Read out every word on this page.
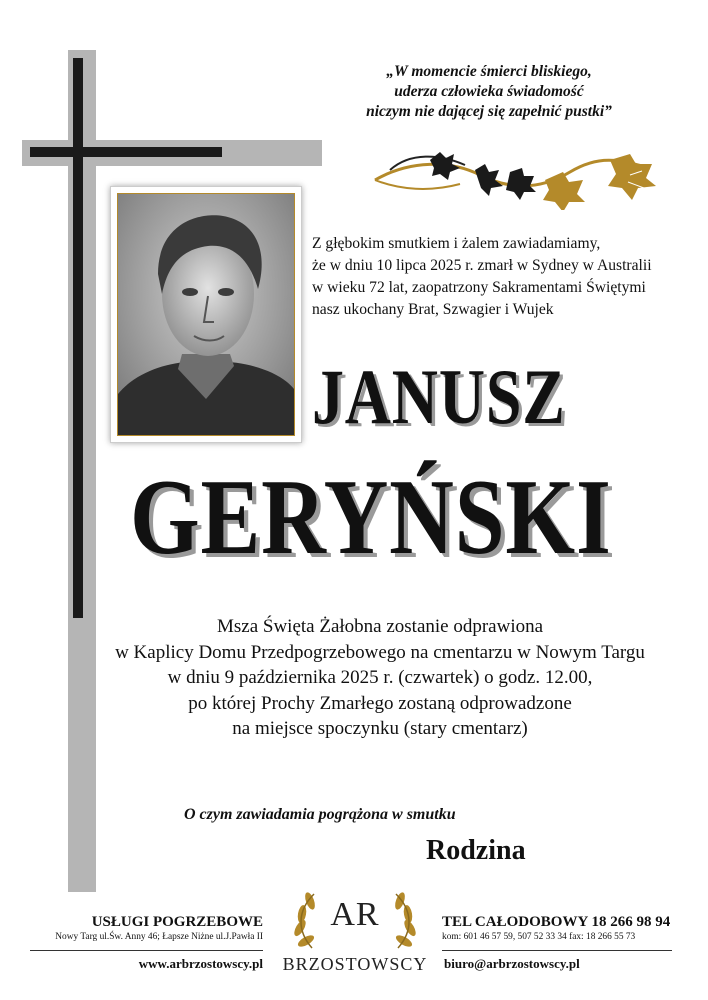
„W momencie śmierci bliskiego,
uderza człowieka świadomość
niczym nie dającej się zapełnić pustki”
Z głębokim smutkiem i żalem zawiadamiamy,
że w dniu 10 lipca 2025 r. zmarł w Sydney w Australii
w wieku 72 lat, zaopatrzony Sakramentami Świętymi
nasz ukochany Brat, Szwagier i Wujek
JANUSZ
GERYŃSKI
Msza Święta Żałobna zostanie odprawiona
w Kaplicy Domu Przedpogrzebowego na cmentarzu w Nowym Targu
w dniu 9 października 2025 r. (czwartek) o godz. 12.00,
po której Prochy Zmarłego zostaną odprowadzone
na miejsce spoczynku (stary cmentarz)
O czym zawiadamia pogrążona w smutku
Rodzina
USŁUGI POGRZEBOWE
Nowy Targ ul.Św. Anny 46; Łapsze Niżne ul.J.Pawła II
www.arbrzostowscy.pl
AR
BRZOSTOWSCY
TEL CAŁODOBOWY 18 266 98 94
kom: 601 46 57 59, 507 52 33 34 fax: 18 266 55 73
biuro@arbrzostowscy.pl
